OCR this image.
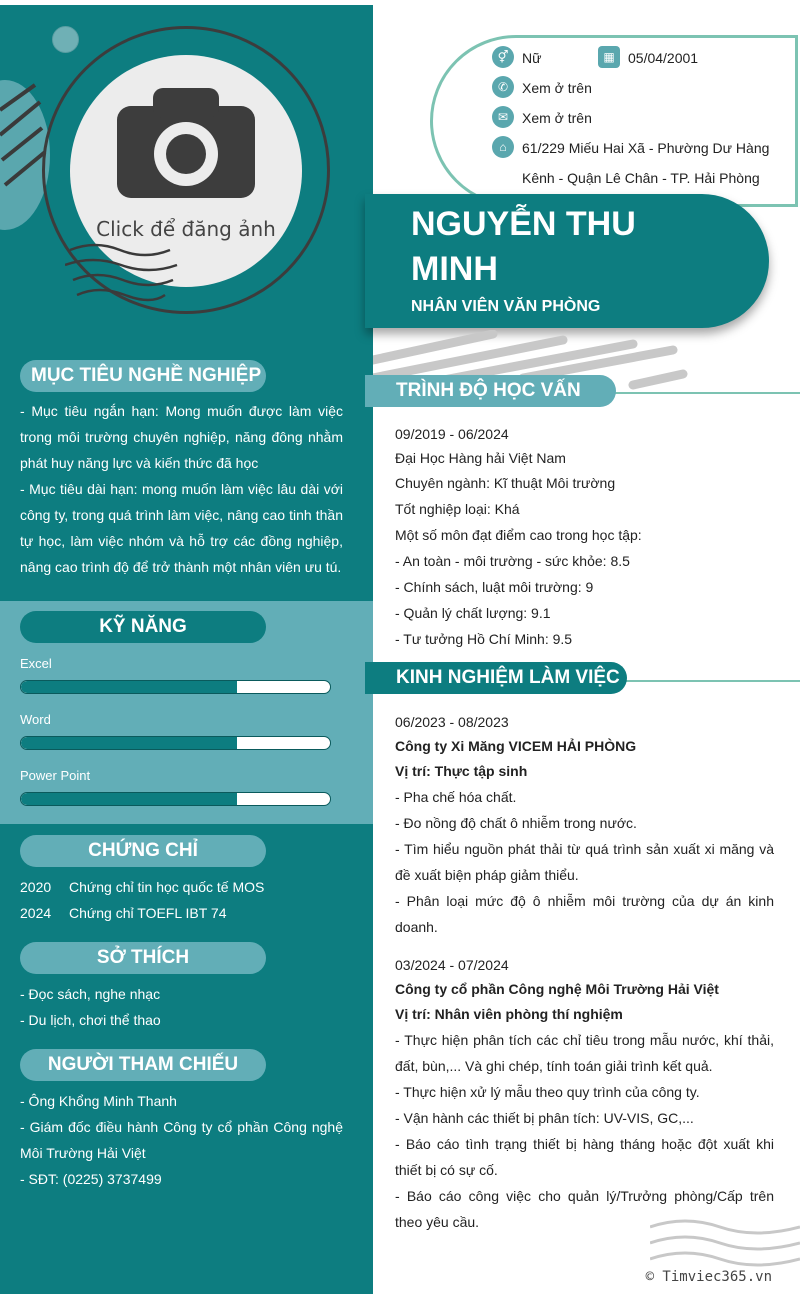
Click để đăng ảnh
MỤC TIÊU NGHỀ NGHIỆP
- Mục tiêu ngắn hạn: Mong muốn được làm việc trong môi trường chuyên nghiệp, năng đông nhằm phát huy năng lực và kiến thức đã học
- Mục tiêu dài hạn: mong muốn làm việc lâu dài với công ty, trong quá trình làm việc, nâng cao tinh thần tự học, làm việc nhóm và hỗ trợ các đồng nghiệp, nâng cao trình độ để trở thành một nhân viên ưu tú.
KỸ NĂNG
Excel
Word
Power Point
CHỨNG CHỈ
2020 Chứng chỉ tin học quốc tế MOS
2024 Chứng chỉ TOEFL IBT 74
SỞ THÍCH
- Đọc sách, nghe nhạc
- Du lịch, chơi thể thao
NGƯỜI THAM CHIẾU
- Ông Khổng Minh Thanh
- Giám đốc điều hành Công ty cổ phần Công nghệ Môi Trường Hải Việt
- SĐT: (0225) 3737499
⚥ Nữ	▦ 05/04/2001
✆ Xem ở trên
✉ Xem ở trên
⌂	61/229 Miếu Hai Xã - Phường Dư Hàng
Kênh - Quận Lê Chân - TP. Hải Phòng
NGUYỄN THU
MINH
NHÂN VIÊN VĂN PHÒNG
TRÌNH ĐỘ HỌC VẤN
09/2019 - 06/2024
Đại Học Hàng hải Việt Nam
Chuyên ngành: Kĩ thuật Môi trường
Tốt nghiệp loại: Khá
Một số môn đạt điểm cao trong học tập:
- An toàn - môi trường - sức khỏe: 8.5
- Chính sách, luật môi trường: 9
- Quản lý chất lượng: 9.1
- Tư tưởng Hồ Chí Minh: 9.5
KINH NGHIỆM LÀM VIỆC
06/2023 - 08/2023
Công ty Xi Măng VICEM HẢI PHÒNG
Vị trí: Thực tập sinh
- Pha chế hóa chất.
- Đo nồng độ chất ô nhiễm trong nước.
- Tìm hiểu nguồn phát thải từ quá trình sản xuất xi măng và đề xuất biện pháp giảm thiểu.
- Phân loại mức độ ô nhiễm môi trường của dự án kinh doanh.
03/2024 - 07/2024
Công ty cổ phần Công nghệ Môi Trường Hải Việt
Vị trí: Nhân viên phòng thí nghiệm
- Thực hiện phân tích các chỉ tiêu trong mẫu nước, khí thải, đất, bùn,... Và ghi chép, tính toán giải trình kết quả.
- Thực hiện xử lý mẫu theo quy trình của công ty.
- Vận hành các thiết bị phân tích: UV-VIS, GC,...
- Báo cáo tình trạng thiết bị hàng tháng hoặc đột xuất khi thiết bị có sự cố.
- Báo cáo công việc cho quản lý/Trưởng phòng/Cấp trên theo yêu cầu.
© Timviec365.vn
